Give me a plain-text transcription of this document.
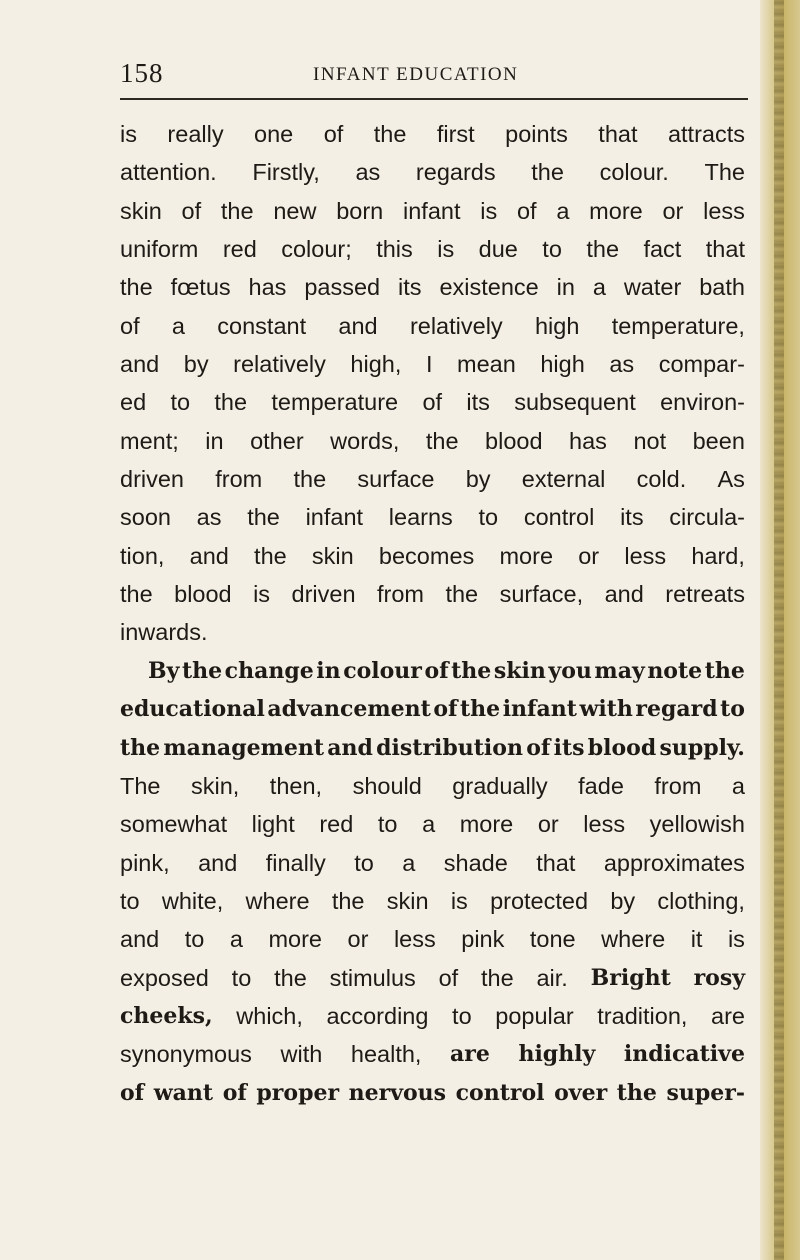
158	INFANT EDUCATION
is really one of the first points that attracts
attention. Firstly, as regards the colour. The
skin of the new born infant is of a more or less
uniform red colour; this is due to the fact that
the fœtus has passed its existence in a water bath
of a constant and relatively high temperature,
and by relatively high, I mean high as compar-
ed to the temperature of its subsequent environ-
ment; in other words, the blood has not been
driven from the surface by external cold. As
soon as the infant learns to control its circula-
tion, and the skin becomes more or less hard,
the blood is driven from the surface, and retreats
inwards.
By the change in colour of the skin you may note the
educational advancement of the infant with regard to
the management and distribution of its blood supply.
The skin, then, should gradually fade from a
somewhat light red to a more or less yellowish
pink, and finally to a shade that approximates
to white, where the skin is protected by clothing,
and to a more or less pink tone where it is
exposed to the stimulus of the air. Bright rosy
cheeks, which, according to popular tradition, are
synonymous with health, are highly indicative
of want of proper nervous control over the super-
